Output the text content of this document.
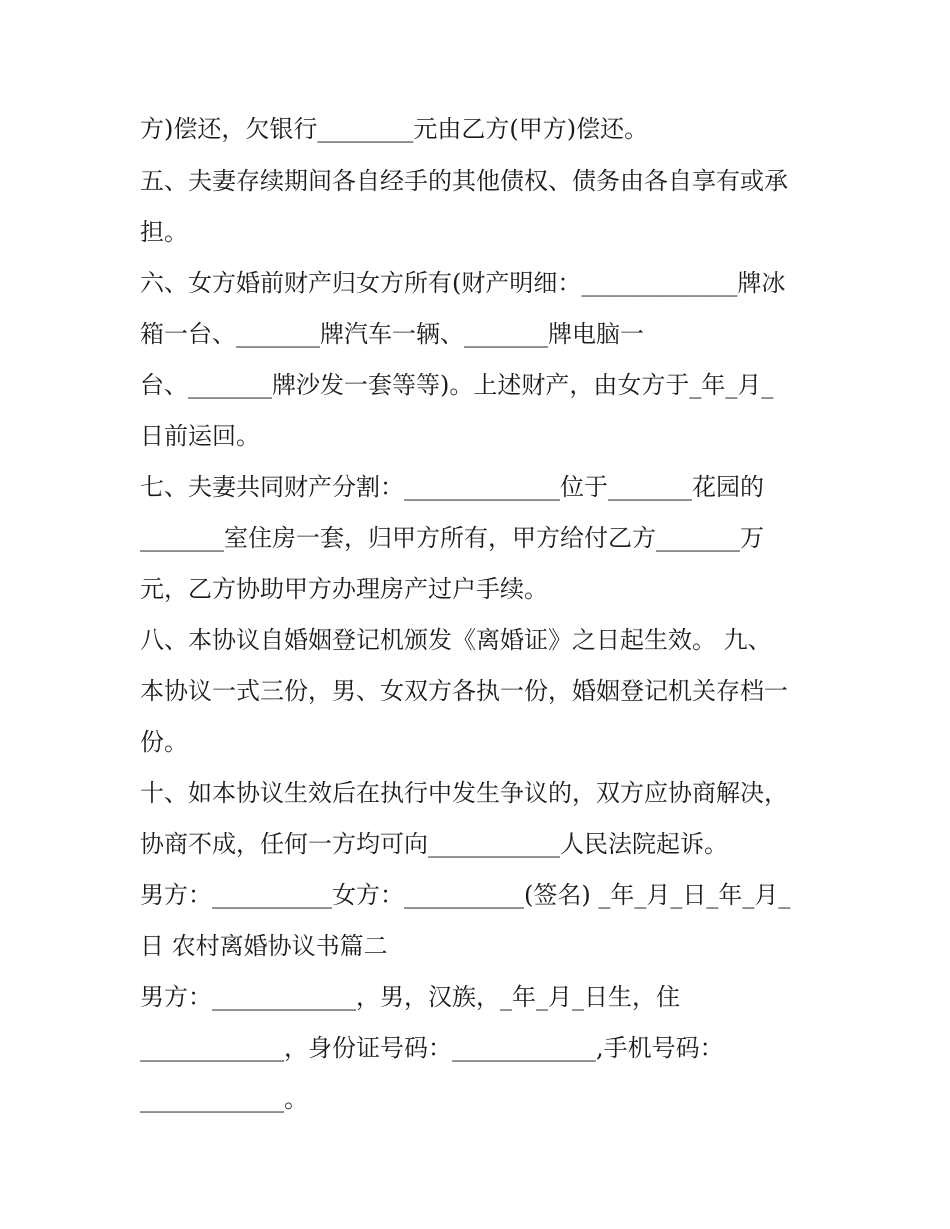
方)偿还，欠银行________元由乙方(甲方)偿还。

五、夫妻存续期间各自经手的其他债权、债务由各自享有或承

担。

六、女方婚前财产归女方所有(财产明细：_____________牌冰

箱一台、_______牌汽车一辆、_______牌电脑一

台、_______牌沙发一套等等)。上述财产，由女方于_年_月_

日前运回。

七、夫妻共同财产分割：_____________位于_______花园的

_______室住房一套，归甲方所有，甲方给付乙方_______万

元，乙方协助甲方办理房产过户手续。

八、本协议自婚姻登记机颁发《离婚证》之日起生效。 九、

本协议一式三份，男、女双方各执一份，婚姻登记机关存档一

份。

十、如本协议生效后在执行中发生争议的，双方应协商解决，

协商不成，任何一方均可向___________人民法院起诉。

男方：__________女方：__________(签名) _年_月_日_年_月_

日 农村离婚协议书篇二

男方：____________，男，汉族，_年_月_日生，住

____________，身份证号码：____________,手机号码：

____________。
